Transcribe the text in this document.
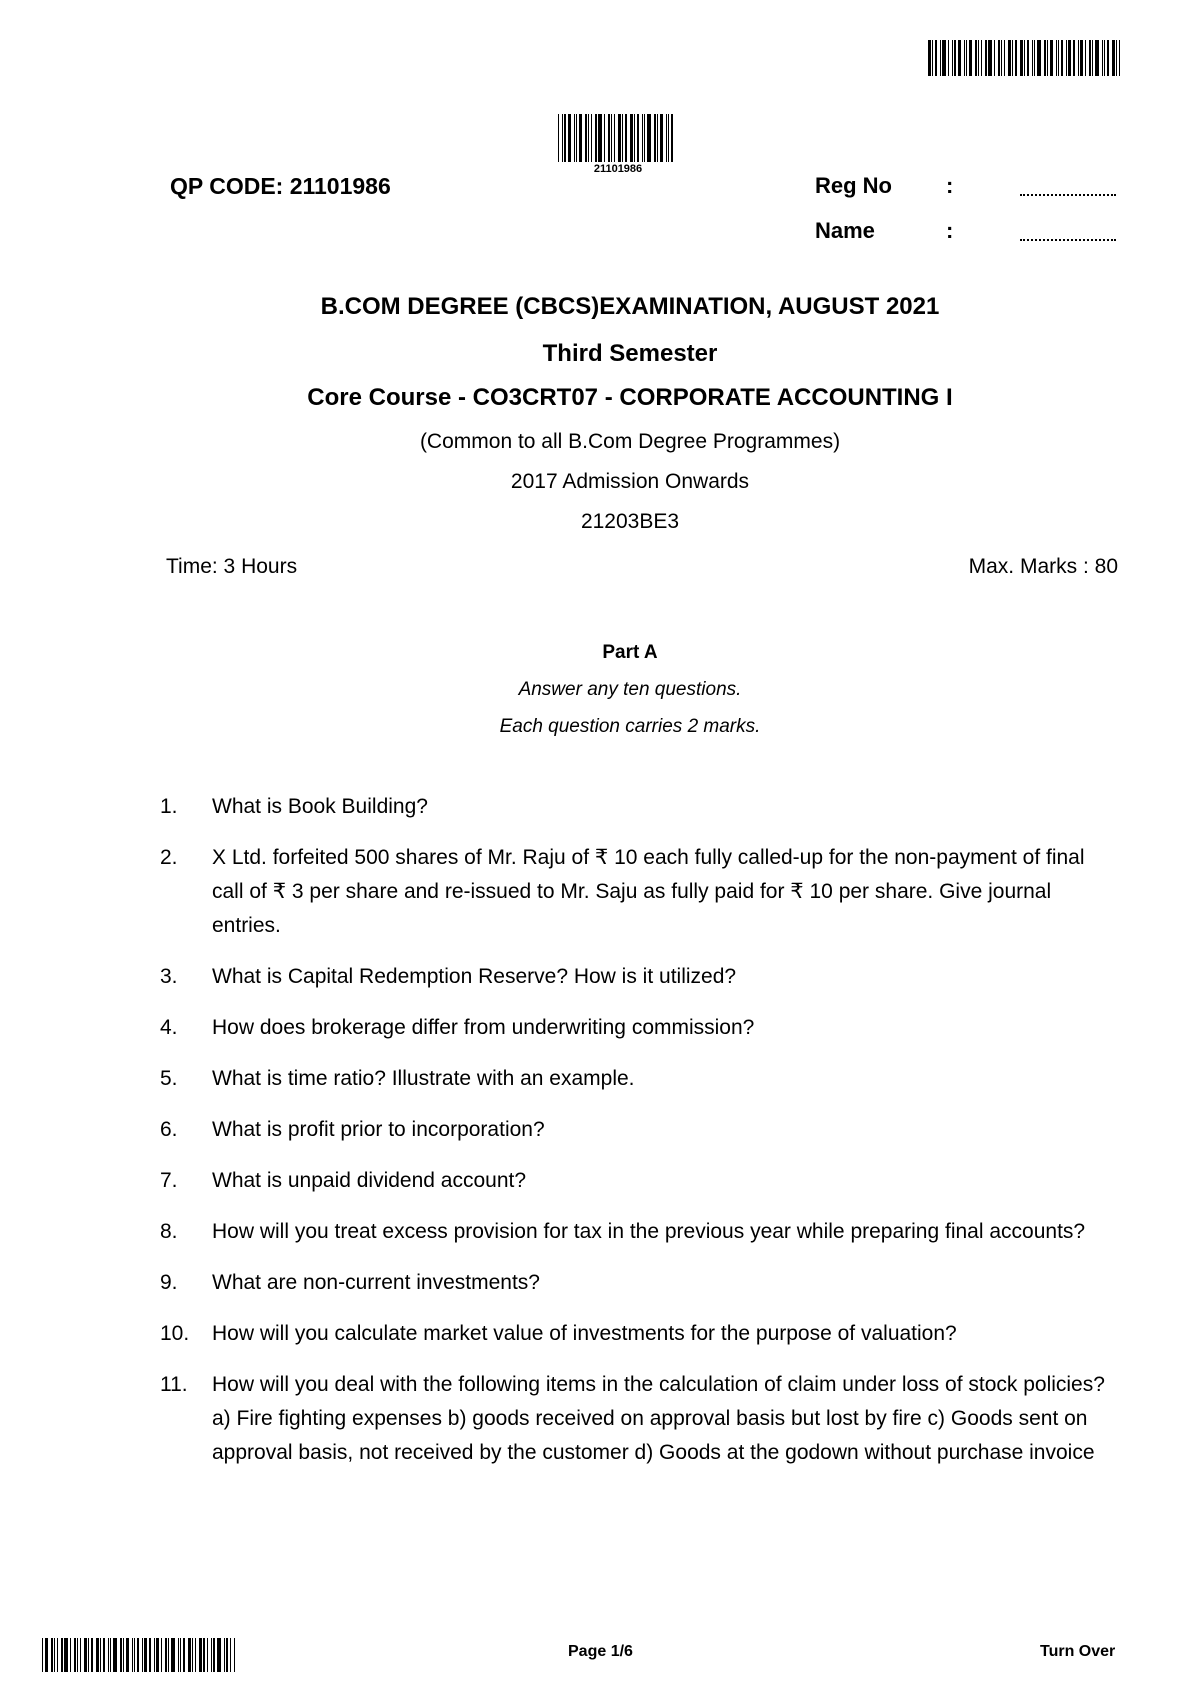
21101986
QP CODE: 21101986	Reg No :
Name	:
B.COM DEGREE (CBCS)EXAMINATION, AUGUST 2021
Third Semester
Core Course - CO3CRT07 - CORPORATE ACCOUNTING I
(Common to all B.Com Degree Programmes)
2017 Admission Onwards
21203BE3
Time: 3 Hours	Max. Marks : 80
Part A
Answer any ten questions.
Each question carries 2 marks.
1.	What is Book Building?
2.	X Ltd. forfeited 500 shares of Mr. Raju of ₹ 10 each fully called-up for the non-payment of final call of ₹ 3 per share and re-issued to Mr. Saju as fully paid for ₹ 10 per share. Give journal entries.
3.	What is Capital Redemption Reserve? How is it utilized?
4.	How does brokerage differ from underwriting commission?
5.	What is time ratio? Illustrate with an example.
6.	What is profit prior to incorporation?
7.	What is unpaid dividend account?
8.	How will you treat excess provision for tax in the previous year while preparing final accounts?
9.	What are non-current investments?
10.	How will you calculate market value of investments for the purpose of valuation?
11.	How will you deal with the following items in the calculation of claim under loss of stock policies?
a) Fire fighting expenses b) goods received on approval basis but lost by fire c) Goods sent on approval basis, not received by the customer d) Goods at the godown without purchase invoice
Page 1/6	Turn Over
